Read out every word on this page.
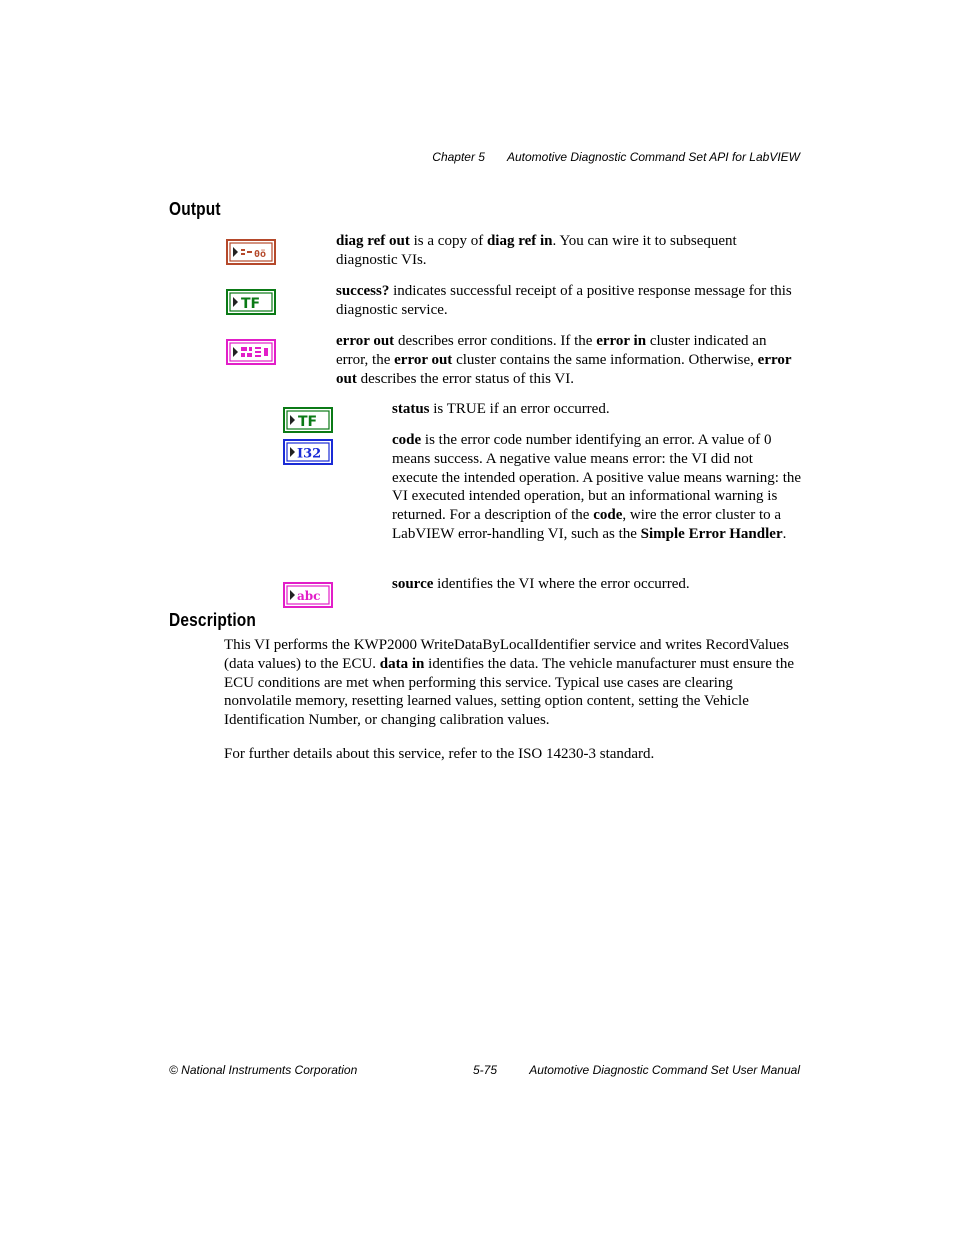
Chapter 5 Automotive Diagnostic Command Set API for LabVIEW
Output
0ö
diag ref out is a copy of diag ref in. You can wire it to subsequent diagnostic VIs.
TF
success? indicates successful receipt of a positive response message for this diagnostic service.
error out describes error conditions. If the error in cluster indicated an error, the error out cluster contains the same information. Otherwise, error out describes the error status of this VI.
TF
status is TRUE if an error occurred.
I32
code is the error code number identifying an error. A value of 0 means success. A negative value means error: the VI did not execute the intended operation. A positive value means warning: the VI executed intended operation, but an informational warning is returned. For a description of the code, wire the error cluster to a LabVIEW error-handling VI, such as the Simple Error Handler.
abc
source identifies the VI where the error occurred.
Description
This VI performs the KWP2000 WriteDataByLocalIdentifier service and writes RecordValues (data values) to the ECU. data in identifies the data. The vehicle manufacturer must ensure the ECU conditions are met when performing this service. Typical use cases are clearing nonvolatile memory, resetting learned values, setting option content, setting the Vehicle Identification Number, or changing calibration values.
For further details about this service, refer to the ISO 14230-3 standard.
© National Instruments Corporation	5-75	Automotive Diagnostic Command Set User Manual
